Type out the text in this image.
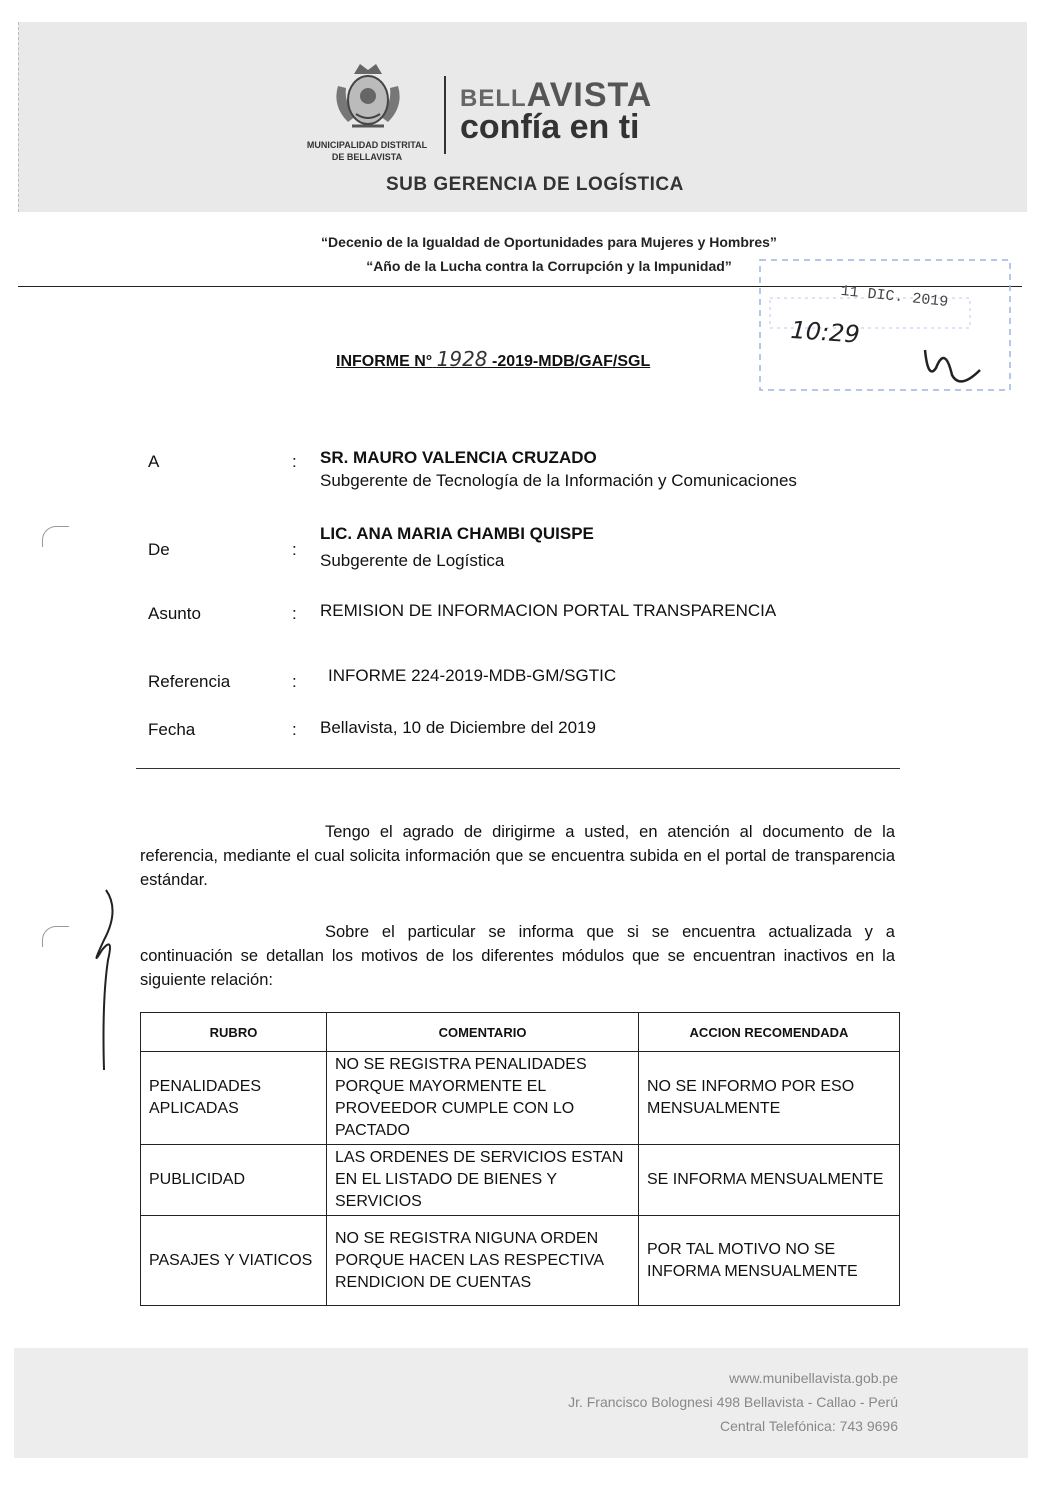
MUNICIPALIDAD DISTRITAL
DE BELLAVISTA
BELLAVISTA
confía en ti
SUB GERENCIA DE LOGÍSTICA
“Decenio de la Igualdad de Oportunidades para Mujeres y Hombres”
“Año de la Lucha contra la Corrupción y la Impunidad”
11 DIC. 2019
10:29
INFORME N° 1928 -2019-MDB/GAF/SGL
A	: SR. MAURO VALENCIA CRUZADO
Subgerente de Tecnología de la Información y Comunicaciones
De	:
LIC. ANA MARIA CHAMBI QUISPE
Subgerente de Logística
Asunto	: REMISION DE INFORMACION PORTAL TRANSPARENCIA
Referencia	: INFORME 224-2019-MDB-GM/SGTIC
Fecha	: Bellavista, 10 de Diciembre del 2019
Tengo el agrado de dirigirme a usted, en atención al documento de la referencia, mediante el cual solicita información que se encuentra subida en el portal de transparencia estándar.
Sobre el particular se informa que si se encuentra actualizada y a continuación se detallan los motivos de los diferentes módulos que se encuentran inactivos en la siguiente relación:
RUBRO	COMENTARIO	ACCION RECOMENDADA
PENALIDADES APLICADAS	NO SE REGISTRA PENALIDADES PORQUE MAYORMENTE EL PROVEEDOR CUMPLE CON LO PACTADO	NO SE INFORMO POR ESO MENSUALMENTE
PUBLICIDAD	LAS ORDENES DE SERVICIOS ESTAN EN EL LISTADO DE BIENES Y SERVICIOS	SE INFORMA MENSUALMENTE
PASAJES Y VIATICOS	NO SE REGISTRA NIGUNA ORDEN PORQUE HACEN LAS RESPECTIVA RENDICION DE CUENTAS	POR TAL MOTIVO NO SE INFORMA MENSUALMENTE
www.munibellavista.gob.pe
Jr. Francisco Bolognesi 498 Bellavista - Callao - Perú
Central Telefónica: 743 9696
